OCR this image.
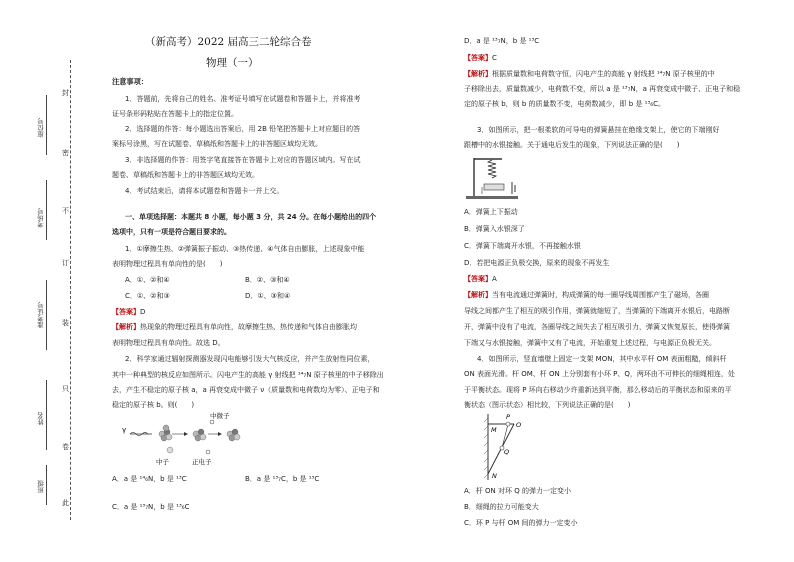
此
卷
只
装
订
不
密
封
班级
姓名
准考证号
考场号
座位号
（新高考）2022 届高三二轮综合卷
物理（一）
注意事项：
1．答题前，先将自己的姓名、准考证号填写在试题卷和答题卡上，并将准考
证号条形码粘贴在答题卡上的指定位置。
2．选择题的作答：每小题选出答案后，用 2B 铅笔把答题卡上对应题目的答
案标号涂黑，写在试题卷、草稿纸和答题卡上的非答题区域均无效。
3．非选择题的作答：用签字笔直接答在答题卡上对应的答题区域内。写在试
题卷、草稿纸和答题卡上的非答题区域均无效。
4．考试结束后，请将本试题卷和答题卡一并上交。
一、单项选择题：本题共 8 小题，每小题 3 分，共 24 分。在每小题给出的四个
选项中，只有一项是符合题目要求的。
1．①摩擦生热、②弹簧振子振动、③热传递、④气体自由膨胀，上述现象中能
表明物理过程具有单向性的是(　　)
A．①、②和④	B．②、③和④
C．①、②和③	D．①、③和④
【答案】D
【解析】热现象的物理过程具有单向性，故摩擦生热、热传递和气体自由膨胀均
表明物理过程具有单向性。故选 D。
2．科学家通过辐射探测器发现闪电能够引发大气核反应，并产生放射性同位素，
其中一种典型的核反应如图所示。闪电产生的高能 γ 射线把 ¹⁴₇N 原子核里的中子移除出
去，产生不稳定的原子核 a，a 再衰变成中微子 ν（质量数和电荷数均为零）、正电子和
稳定的原子核 b。则(　　)
γ
中子
中微子
正电子
A．a 是 ¹⁴₆N，b 是 ¹³C	B．a 是 ¹³₇C，b 是 ¹³C
C．a 是 ¹³₇N，b 是 ¹³₆C
D．a 是 ¹³₇N，b 是 ¹³C
【答案】C
【解析】根据质量数和电荷数守恒，闪电产生的高能 γ 射线把 ¹⁴₇N 原子核里的中
子移除出去，质量数减少，电荷数不变，所以 a 是 ¹³₇N，a 再衰变成中微子、正电子和稳
定的原子核 b，则 b 的质量数不变，电荷数减少，即 b 是 ¹³₆C。
3．如图所示，把一根柔软的可导电的弹簧悬挂在绝缘支架上，使它的下端刚好
跟槽中的水银接触。关于通电后发生的现象，下列说法正确的是(　　)
A．弹簧上下振动
B．弹簧入水银深了
C．弹簧下端离开水银，不再接触水银
D．若把电源正负极交换，原来的现象不再发生
【答案】A
【解析】当有电流通过弹簧时，构成弹簧的每一圈导线周围都产生了磁场，各圈
导线之间都产生了相互的吸引作用，弹簧就缩短了，当弹簧的下端离开水银后，电路断
开，弹簧中没有了电流，各圈导线之间失去了相互吸引力，弹簧又恢复原长，使得弹簧
下端又与水银接触，弹簧中又有了电流，开始重复上述过程，与电源正负极无关。
4．如图所示，竖直墙壁上固定一支架 MON，其中水平杆 OM 表面粗糙，倾斜杆
ON 表面光滑。杆 OM、杆 ON 上分别套有小环 P、Q，两环由不可伸长的细绳相连，处
于平衡状态。现将 P 环向右移动少许重新达到平衡，那么移动后的平衡状态和原来的平
衡状态（图示状态）相比较，下列说法正确的是(　　)
M
P
O
Q
N
A．杆 ON 对环 Q 的弹力一定变小
B．细绳的拉力可能变大
C．环 P 与杆 OM 间的弹力一定变小
